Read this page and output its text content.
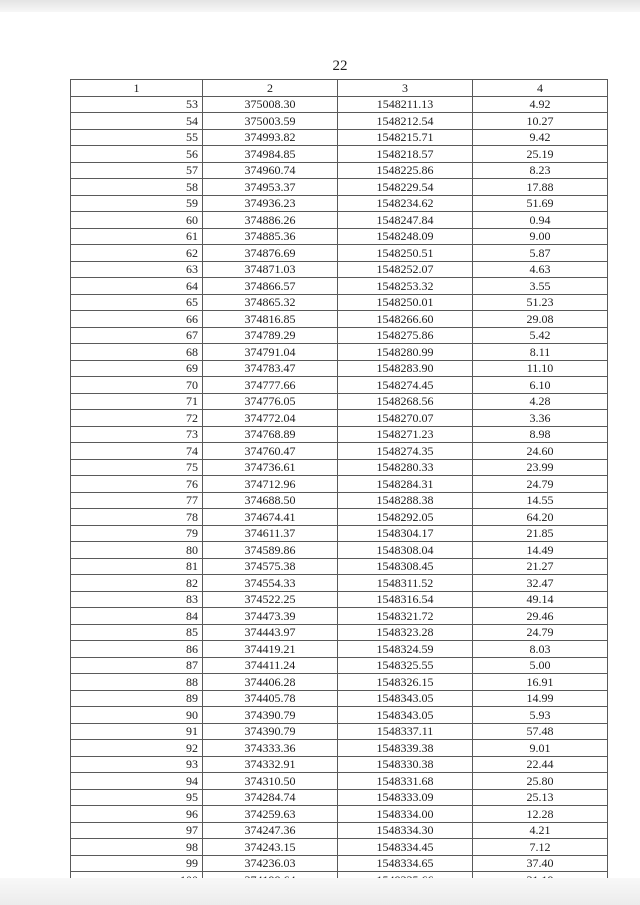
22
1	2	3	4
53	375008.30	1548211.13	4.92
54	375003.59	1548212.54	10.27
55	374993.82	1548215.71	9.42
56	374984.85	1548218.57	25.19
57	374960.74	1548225.86	8.23
58	374953.37	1548229.54	17.88
59	374936.23	1548234.62	51.69
60	374886.26	1548247.84	0.94
61	374885.36	1548248.09	9.00
62	374876.69	1548250.51	5.87
63	374871.03	1548252.07	4.63
64	374866.57	1548253.32	3.55
65	374865.32	1548250.01	51.23
66	374816.85	1548266.60	29.08
67	374789.29	1548275.86	5.42
68	374791.04	1548280.99	8.11
69	374783.47	1548283.90	11.10
70	374777.66	1548274.45	6.10
71	374776.05	1548268.56	4.28
72	374772.04	1548270.07	3.36
73	374768.89	1548271.23	8.98
74	374760.47	1548274.35	24.60
75	374736.61	1548280.33	23.99
76	374712.96	1548284.31	24.79
77	374688.50	1548288.38	14.55
78	374674.41	1548292.05	64.20
79	374611.37	1548304.17	21.85
80	374589.86	1548308.04	14.49
81	374575.38	1548308.45	21.27
82	374554.33	1548311.52	32.47
83	374522.25	1548316.54	49.14
84	374473.39	1548321.72	29.46
85	374443.97	1548323.28	24.79
86	374419.21	1548324.59	8.03
87	374411.24	1548325.55	5.00
88	374406.28	1548326.15	16.91
89	374405.78	1548343.05	14.99
90	374390.79	1548343.05	5.93
91	374390.79	1548337.11	57.48
92	374333.36	1548339.38	9.01
93	374332.91	1548330.38	22.44
94	374310.50	1548331.68	25.80
95	374284.74	1548333.09	25.13
96	374259.63	1548334.00	12.28
97	374247.36	1548334.30	4.21
98	374243.15	1548334.45	7.12
99	374236.03	1548334.65	37.40
